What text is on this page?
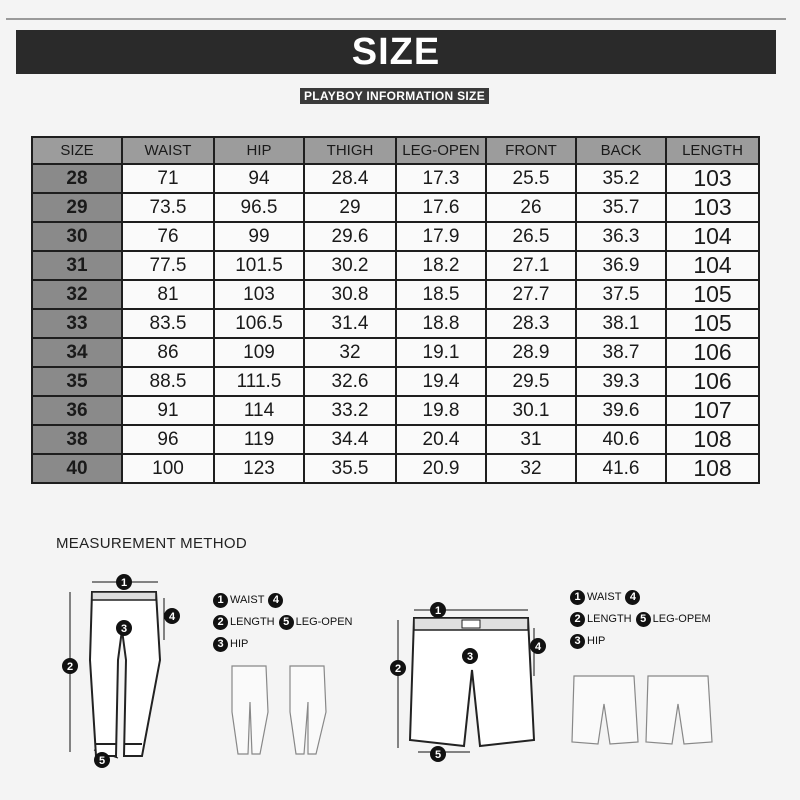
SIZE
PLAYBOY INFORMATION SIZE
SIZE	WAIST	HIP	THIGH	LEG-OPEN	FRONT	BACK	LENGTH
28	71	94	28.4	17.3	25.5	35.2	103
29	73.5	96.5	29	17.6	26	35.7	103
30	76	99	29.6	17.9	26.5	36.3	104
31	77.5	101.5	30.2	18.2	27.1	36.9	104
32	81	103	30.8	18.5	27.7	37.5	105
33	83.5	106.5	31.4	18.8	28.3	38.1	105
34	86	109	32	19.1	28.9	38.7	106
35	88.5	111.5	32.6	19.4	29.5	39.3	106
36	91	114	33.2	19.8	30.1	39.6	107
38	96	119	34.4	20.4	31	40.6	108
40	100	123	35.5	20.9	32	41.6	108
MEASUREMENT METHOD
1
2
3
4
5
1 WAIST 4
2 LENGTH 5 LEG-OPEN
3 HIP
1
2
3
4
5
1 WAIST 4
2 LENGTH 5 LEG-OPEM
3 HIP
